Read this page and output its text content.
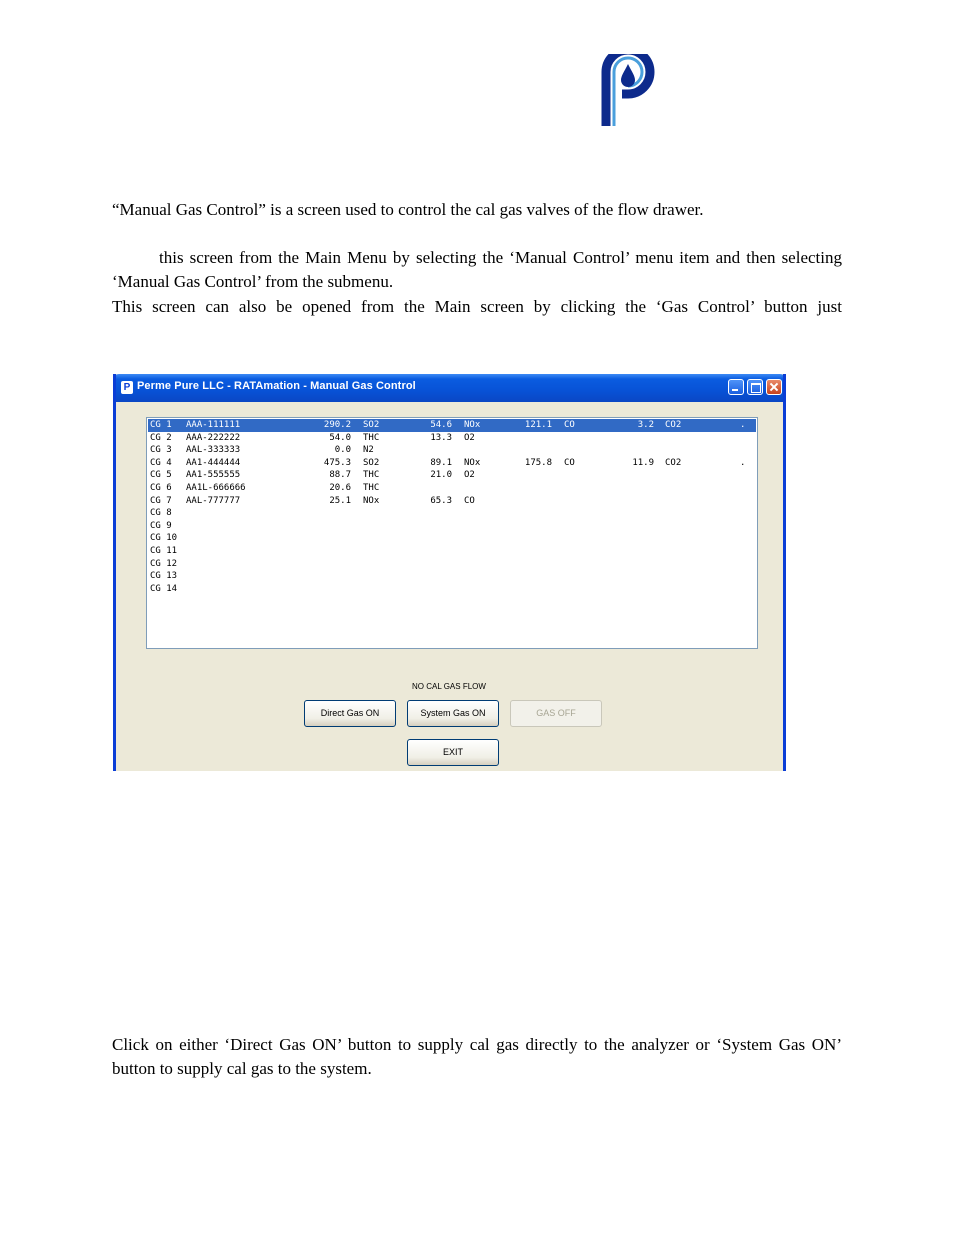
“Manual Gas Control” is a screen used to control the cal gas valves of the flow drawer.

this screen from the Main Menu by selecting the ‘Manual Control’ menu item and then selecting ‘Manual Gas Control’ from the submenu.

This screen can also be opened from the Main screen by clicking the ‘Gas Control’ button just

P Perme Pure LLC - RATAmation - Manual Gas Control
CG 1	AAA-111111	290.2 SO2	54.6 NOx	121.1 CO	3.2 CO2	.
CG 2	AAA-222222	54.0 THC	13.3 O2
CG 3	AAL-333333	0.0 N2
CG 4	AA1-444444	475.3 SO2	89.1 NOx	175.8 CO	11.9 CO2	.
CG 5	AA1-555555	88.7 THC	21.0 O2
CG 6	AA1L-666666	20.6 THC
CG 7	AAL-777777	25.1 NOx	65.3 CO
CG 8
CG 9
CG 10
CG 11
CG 12
CG 13
CG 14
NO CAL GAS FLOW
Direct Gas ON	System Gas ON	GAS OFF
EXIT

Click on either ‘Direct Gas ON’ button to supply cal gas directly to the analyzer or ‘System Gas ON’ button to supply cal gas to the system.
